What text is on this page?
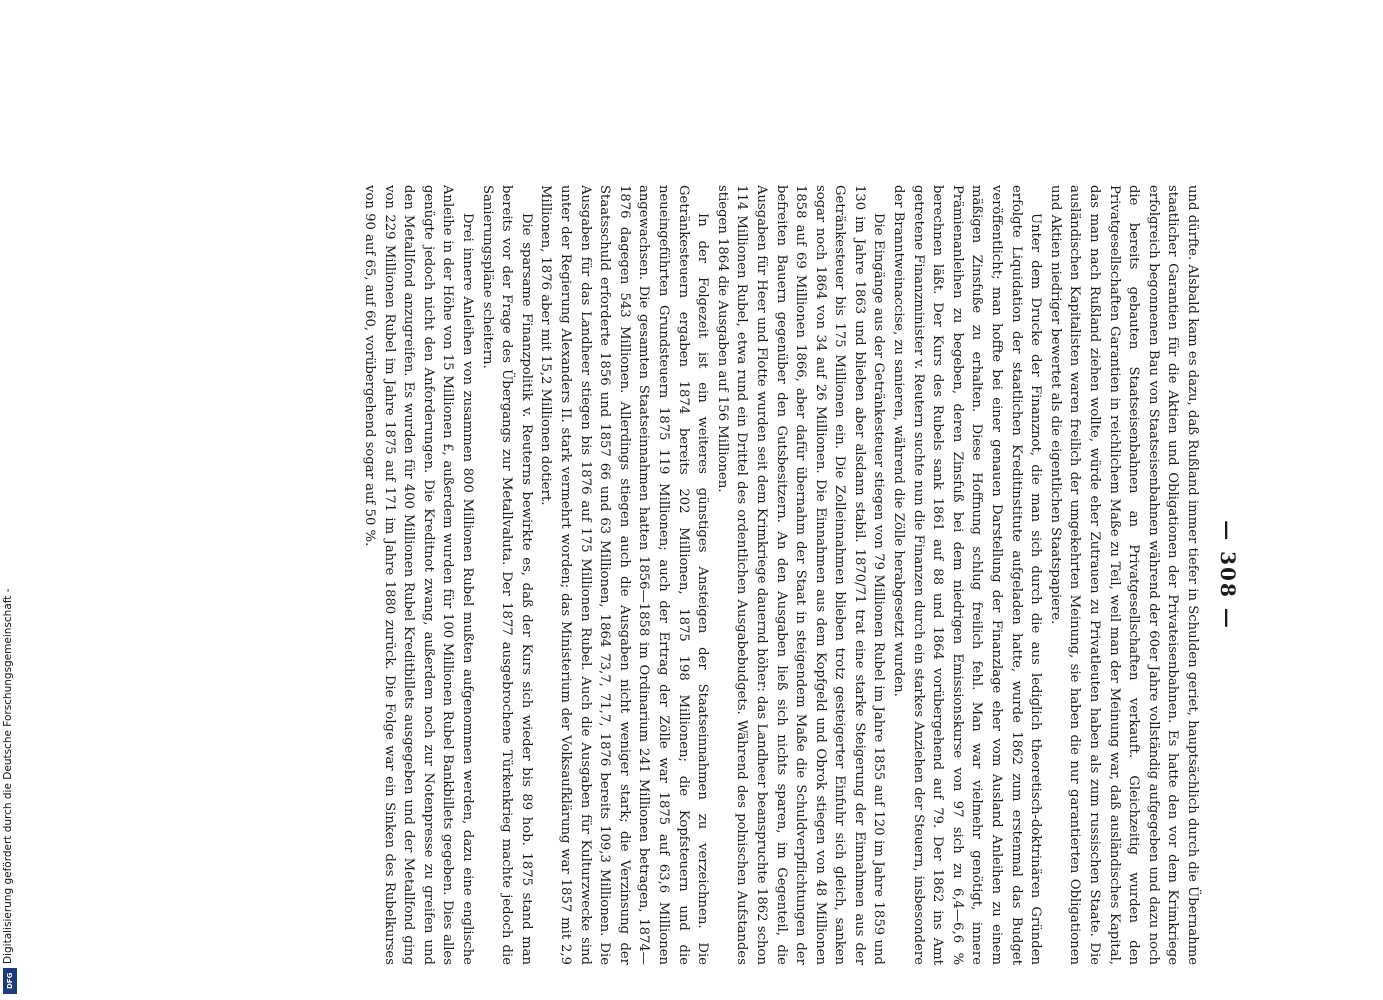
— 308 —

und dürfte. Alsbald kam es dazu, daß Rußland immer tiefer in Schulden geriet, hauptsächlich durch die Übernahme staatlicher Garantien für die Aktien und Obligationen der Privateisenbahnen. Es hatte den vor dem Krimkriege erfolgreich begonnenen Bau von Staatseisenbahnen während der 60er Jahre vollständig aufgegeben und dazu noch die bereits gebauten Staatseisenbahnen an Privatgesellschaften verkauft. Gleichzeitig wurden den Privatgesellschaften Garantien in reichlichem Maße zu Teil, weil man der Meinung war, daß ausländisches Kapital, das man nach Rußland ziehen wollte, würde eher Zutrauen zu Privatleuten haben als zum russischen Staate. Die ausländischen Kapitalisten waren freilich der umgekehrten Meinung, sie haben die nur garantierten Obligationen und Aktien niedriger bewertet als die eigentlichen Staatspapiere.

Unter dem Drucke der Finanznot, die man sich durch die aus lediglich theoretisch-doktrinären Gründen erfolgte Liquidation der staatlichen Kreditinstitute aufgeladen hatte, wurde 1862 zum erstenmal das Budget veröffentlicht; man hoffte bei einer genauen Darstellung der Finanzlage eher vom Ausland Anleihen zu einem mäßigen Zinsfuße zu erhalten. Diese Hoffnung schlug freilich fehl. Man war vielmehr genötigt, innere Prämienanleihen zu begeben, deren Zinsfuß bei dem niedrigen Emissionskurse von 97 sich zu 6,4—6,6 % berechnen läßt. Der Kurs des Rubels sank 1861 auf 88 und 1864 vorübergehend auf 79. Der 1862 ins Amt getretene Finanzminister v. Reutern suchte nun die Finanzen durch ein starkes Anziehen der Steuern, insbesondere der Branntweinaccise, zu sanieren, während die Zölle herabgesetzt wurden.

Die Eingänge aus der Getränkesteuer stiegen von 79 Millionen Rubel im Jahre 1855 auf 120 im Jahre 1859 und 130 im Jahre 1863 und blieben aber alsdann stabil. 1870/71 trat eine starke Steigerung der Einnahmen aus der Getränkesteuer bis 175 Millionen ein. Die Zolleinnahmen blieben trotz gesteigerter Einfuhr sich gleich, sanken sogar noch 1864 von 34 auf 26 Millionen. Die Einnahmen aus dem Kopfgeld und Obrok stiegen von 48 Millionen 1858 auf 69 Millionen 1866, aber dafür übernahm der Staat in steigendem Maße die Schuldverpflichtungen der befreiten Bauern gegenüber den Gutsbesitzern. An den Ausgaben ließ sich nichts sparen, im Gegenteil, die Ausgaben für Heer und Flotte wurden seit dem Krimkriege dauernd höher: das Landheer beanspruchte 1862 schon 114 Millionen Rubel, etwa rund ein Drittel des ordentlichen Ausgabebudgets. Während des polnischen Aufstandes stiegen 1864 die Ausgaben auf 156 Millionen.

In der Folgezeit ist ein weiteres günstiges Ansteigen der Staatseinnahmen zu verzeichnen. Die Getränkesteuern ergaben 1874 bereits 202 Millionen, 1875 198 Millionen; die Kopfsteuern und die neueingeführten Grundsteuern 1875 119 Millionen; auch der Ertrag der Zölle war 1875 auf 63,6 Millionen angewachsen. Die gesamten Staatseinnahmen hatten 1856—1858 im Ordinarium 241 Millionen betragen, 1874—1876 dagegen 543 Millionen. Allerdings stiegen auch die Ausgaben nicht weniger stark; die Verzinsung der Staatsschuld erforderte 1856 und 1857 66 und 63 Millionen, 1864 73,7, 71,7, 1876 bereits 109,3 Millionen. Die Ausgaben für das Landheer stiegen bis 1876 auf 175 Millionen Rubel. Auch die Ausgaben für Kulturzwecke sind unter der Regierung Alexanders II. stark vermehrt worden; das Ministerium der Volksaufklärung war 1857 mit 2,9 Millionen, 1876 aber mit 15,2 Millionen dotiert.

Die sparsame Finanzpolitik v. Reuterns bewirkte es, daß der Kurs sich wieder bis 89 hob. 1875 stand man bereits vor der Frage des Übergangs zur Metallvaluta. Der 1877 ausgebrochene Türkenkrieg machte jedoch die Sanierungspläne scheitern.

Drei innere Anleihen von zusammen 800 Millionen Rubel mußten aufgenommen werden, dazu eine englische Anleihe in der Höhe von 15 Millionen £, außerdem wurden für 100 Millionen Rubel Bankbillets gegeben. Dies alles genügte jedoch nicht den Anforderungen. Die Kreditnot zwang, außerdem noch zur Notenpresse zu greifen und den Metallfond anzugreifen. Es wurden für 400 Millionen Rubel Kreditbillets ausgegeben und der Metallfond ging von 229 Millionen Rubel im Jahre 1875 auf 171 im Jahre 1880 zurück. Die Folge war ein Sinken des Rubelkurses von 90 auf 65, auf 60, vorübergehend sogar auf 50 %.

Digitalisierung gefördert durch die Deutsche Forschungsgemeinschaft -
DFG
